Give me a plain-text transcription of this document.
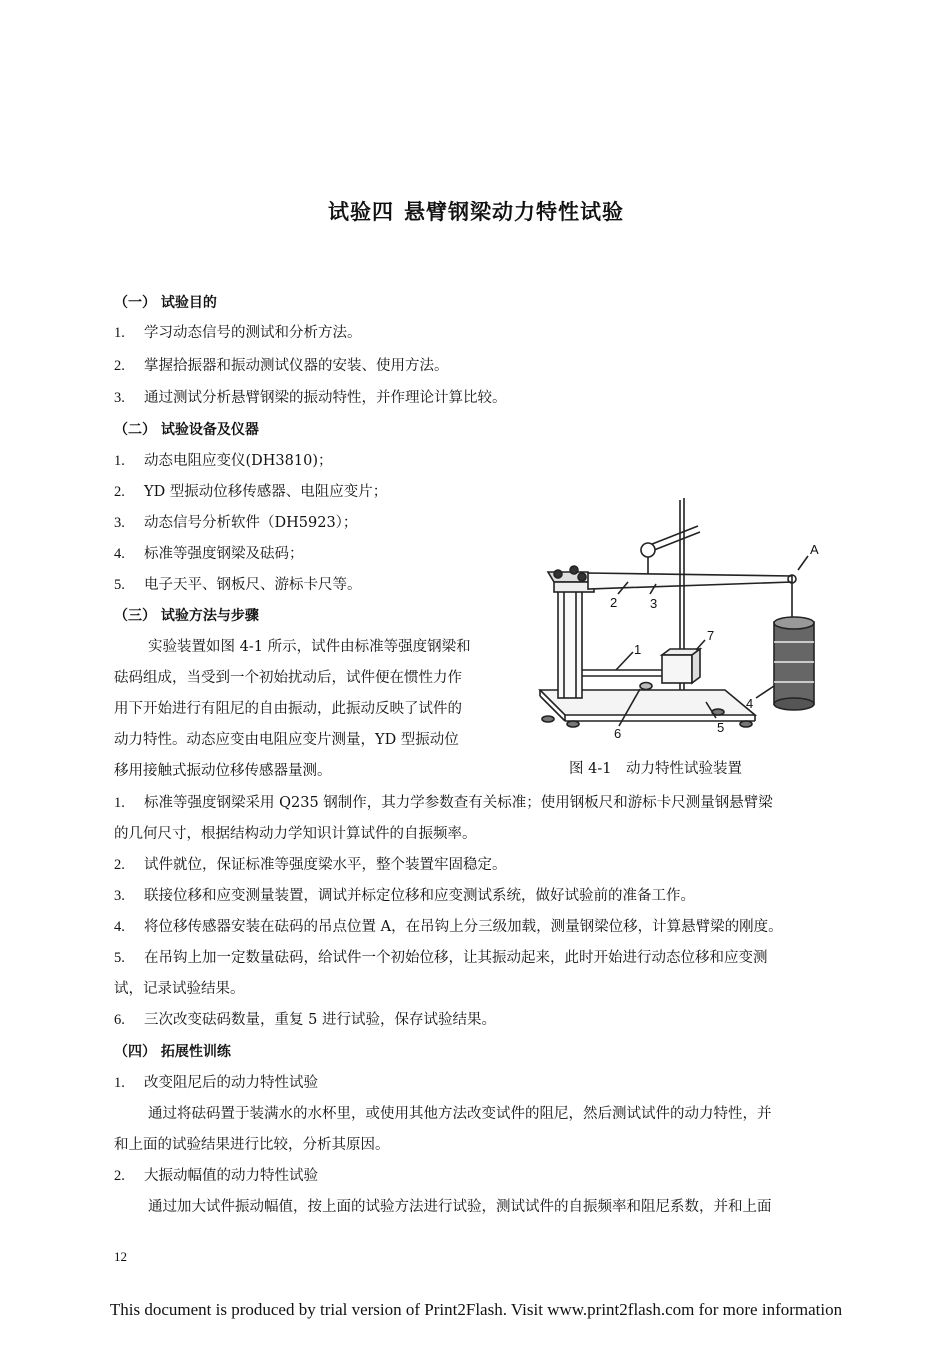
试验四 悬臂钢梁动力特性试验
（一） 试验目的
1. 学习动态信号的测试和分析方法。
2. 掌握拾振器和振动测试仪器的安装、使用方法。
3. 通过测试分析悬臂钢梁的振动特性，并作理论计算比较。
（二） 试验设备及仪器
1. 动态电阻应变仪(DH3810)；
2. YD 型振动位移传感器、电阻应变片；
3. 动态信号分析软件（DH5923）；
4. 标准等强度钢梁及砝码；
5. 电子天平、钢板尺、游标卡尺等。
（三） 试验方法与步骤
实验装置如图 4-1 所示，试件由标准等强度钢梁和
砝码组成，当受到一个初始扰动后，试件便在惯性力作
用下开始进行有阻尼的自由振动，此振动反映了试件的
动力特性。动态应变由电阻应变片测量，YD 型振动位
移用接触式振动位移传感器量测。
A
2	3
7
1
4
6	5
图 4-1　动力特性试验装置
1. 标准等强度钢梁采用 Q235 钢制作，其力学参数查有关标准；使用钢板尺和游标卡尺测量钢悬臂梁
的几何尺寸，根据结构动力学知识计算试件的自振频率。
2. 试件就位，保证标准等强度梁水平，整个装置牢固稳定。
3. 联接位移和应变测量装置，调试并标定位移和应变测试系统，做好试验前的准备工作。
4. 将位移传感器安装在砝码的吊点位置 A，在吊钩上分三级加载，测量钢梁位移，计算悬臂梁的刚度。
5. 在吊钩上加一定数量砝码，给试件一个初始位移，让其振动起来，此时开始进行动态位移和应变测
试，记录试验结果。
6. 三次改变砝码数量，重复 5 进行试验，保存试验结果。
（四） 拓展性训练
1. 改变阻尼后的动力特性试验
通过将砝码置于装满水的水杯里，或使用其他方法改变试件的阻尼，然后测试试件的动力特性，并
和上面的试验结果进行比较，分析其原因。
2. 大振动幅值的动力特性试验
通过加大试件振动幅值，按上面的试验方法进行试验，测试试件的自振频率和阻尼系数，并和上面
12
This document is produced by trial version of Print2Flash. Visit www.print2flash.com for more information
